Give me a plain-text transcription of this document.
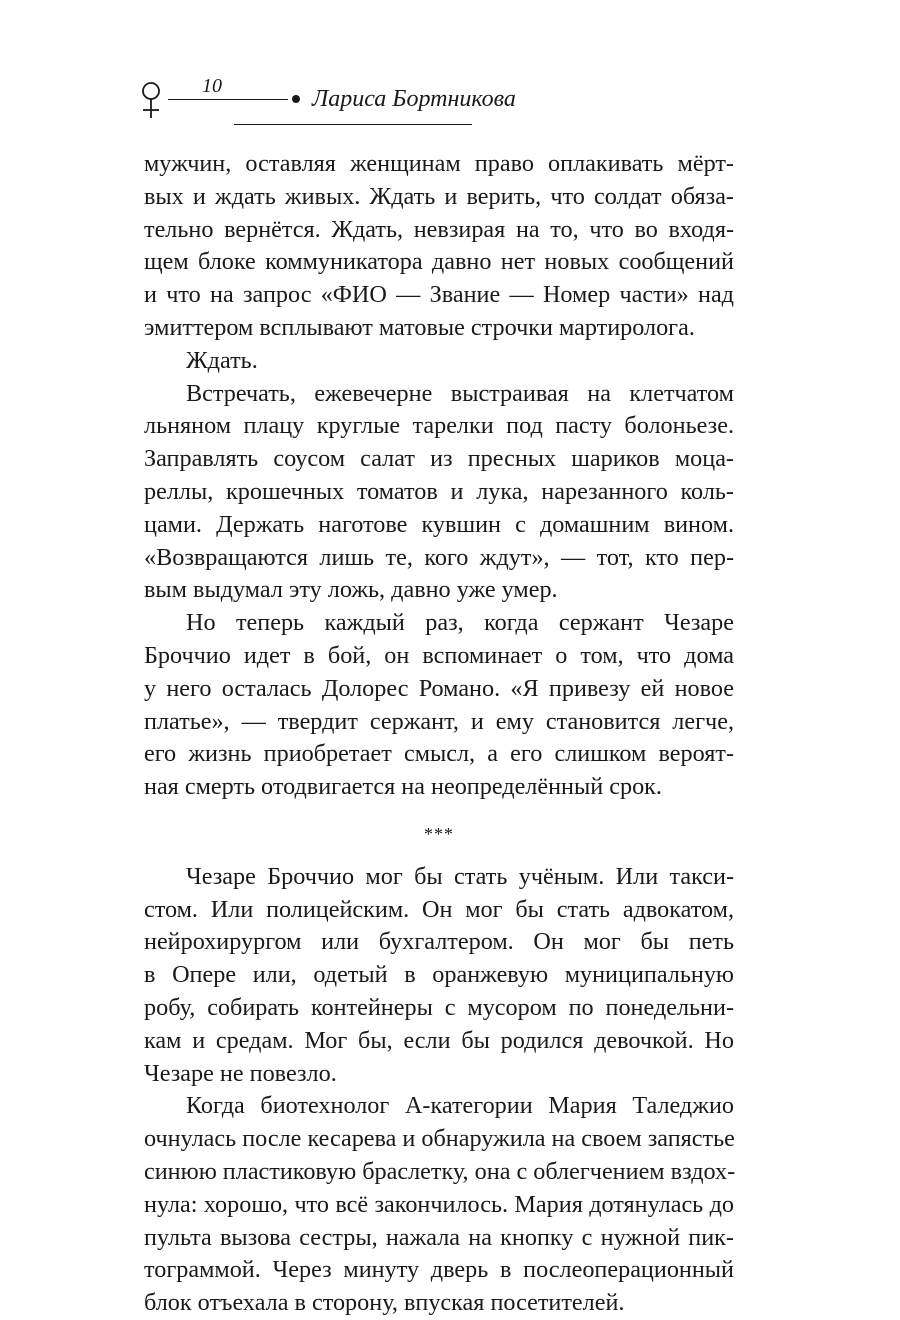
10	Лариса Бортникова

мужчин, оставляя женщинам право оплакивать мёрт-
вых и ждать живых. Ждать и верить, что солдат обяза-
тельно вернётся. Ждать, невзирая на то, что во входя-
щем блоке коммуникатора давно нет новых сообщений
и что на запрос «ФИО — Звание — Номер части» над
эмиттером всплывают матовые строчки мартиролога.

Ждать.

Встречать, ежевечерне выстраивая на клетчатом
льняном плацу круглые тарелки под пасту болоньезе.
Заправлять соусом салат из пресных шариков моца-
реллы, крошечных томатов и лука, нарезанного коль-
цами. Держать наготове кувшин с домашним вином.
«Возвращаются лишь те, кого ждут», — тот, кто пер-
вым выдумал эту ложь, давно уже умер.

Но теперь каждый раз, когда сержант Чезаре
Броччио идет в бой, он вспоминает о том, что дома
у него осталась Долорес Романо. «Я привезу ей новое
платье», — твердит сержант, и ему становится легче,
его жизнь приобретает смысл, а его слишком вероят-
ная смерть отодвигается на неопределённый срок.

***

Чезаре Броччио мог бы стать учёным. Или такси-
стом. Или полицейским. Он мог бы стать адвокатом,
нейрохирургом или бухгалтером. Он мог бы петь
в Опере или, одетый в оранжевую муниципальную
робу, собирать контейнеры с мусором по понедельни-
кам и средам. Мог бы, если бы родился девочкой. Но
Чезаре не повезло.

Когда биотехнолог А-категории Мария Таледжио
очнулась после кесарева и обнаружила на своем запястье
синюю пластиковую браслетку, она с облегчением вздох-
нула: хорошо, что всё закончилось. Мария дотянулась до
пульта вызова сестры, нажала на кнопку с нужной пик-
тограммой. Через минуту дверь в послеоперационный
блок отъехала в сторону, впуская посетителей.
